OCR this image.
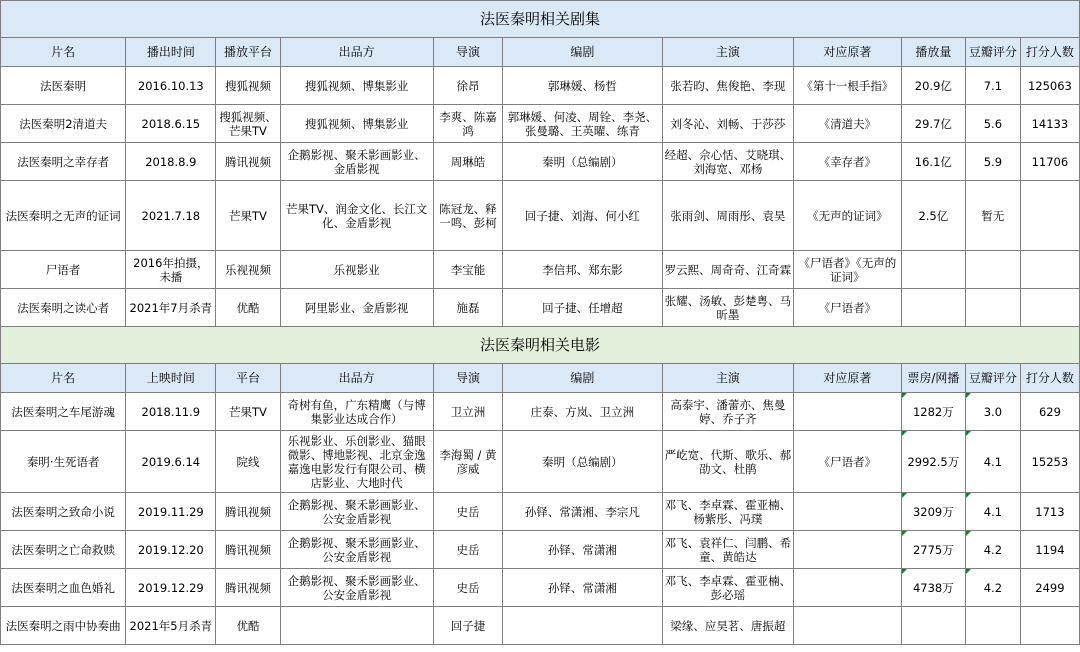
法医秦明相关剧集										
片名	播出时间	播放平台	出品方	导演	编剧	主演	对应原著	播放量	豆瓣评分	打分人数
法医秦明	2016.10.13	搜狐视频	搜狐视频、博集影业	徐昂	郭琳媛、杨哲	张若昀、焦俊艳、李现	《第十一根手指》	20.9亿	7.1	125063
法医秦明2清道夫	2018.6.15	搜狐视频、芒果TV	搜狐视频、博集影业	李爽、陈嘉鸿	郭琳媛、何凌、周铨、李尧、张曼璐、王英曜、练青	刘冬沁、刘畅、于莎莎	《清道夫》	29.7亿	5.6	14133
法医秦明之幸存者	2018.8.9	腾讯视频	企鹅影视、聚禾影画影业、金盾影视	周琳皓	秦明（总编剧）	经超、佘心恬、艾晓琪、刘海宽、邓杨	《幸存者》	16.1亿	5.9	11706
法医秦明之无声的证词	2021.7.18	芒果TV	芒果TV、润金文化、长江文化、金盾影视	陈冠龙、释一鸣、彭柯	回子捷、刘海、何小红	张雨剑、周雨彤、袁昊	《无声的证词》	2.5亿	暂无	
尸语者	2016年拍摄，未播	乐视视频	乐视影业	李宝能	李信邦、郑东影	罗云熙、周奇奇、江奇霖	《尸语者》《无声的证词》			
法医秦明之读心者	2021年7月杀青	优酷	阿里影业、金盾影视	施磊	回子捷、任增超	张耀、汤敏、彭楚粤、马昕墨	《尸语者》			
法医秦明相关电影										
片名	上映时间	平台	出品方	导演	编剧	主演	对应原著	票房/网播	豆瓣评分	打分人数
法医秦明之车尾游魂	2018.11.9	芒果TV	奇树有鱼，广东精鹰（与博集影业达成合作）	卫立洲	庄泰、方岚、卫立洲	高泰宇、潘蕾亦、焦曼婷、乔子齐		1282万	3.0	629
秦明·生死语者	2019.6.14	院线	乐视影业、乐创影业、猫眼微影、博地影视、北京金逸嘉逸电影发行有限公司、横店影业、大地时代	李海蜀 / 黄彦威	秦明（总编剧）	严屹宽、代斯、歌乐、郝劭文、杜鹃	《尸语者》	2992.5万	4.1	15253
法医秦明之致命小说	2019.11.29	腾讯视频	企鹅影视、聚禾影画影业、公安金盾影视	史岳	孙铎、常潇湘、李宗凡	邓飞、李卓霖、霍亚楠、杨紫彤、冯璞		3209万	4.1	1713
法医秦明之亡命救赎	2019.12.20	腾讯视频	企鹅影视、聚禾影画影业、公安金盾影视	史岳	孙铎、常潇湘	邓飞、袁祥仁、闫鹏、希童、黄皓达		2775万	4.2	1194
法医秦明之血色婚礼	2019.12.29	腾讯视频	企鹅影视、聚禾影画影业、公安金盾影视	史岳	孙铎、常潇湘	邓飞、李卓霖、霍亚楠、彭必瑶		4738万	4.2	2499
法医秦明之雨中协奏曲	2021年5月杀青	优酷		回子捷		梁缘、应昊茗、唐振超				
